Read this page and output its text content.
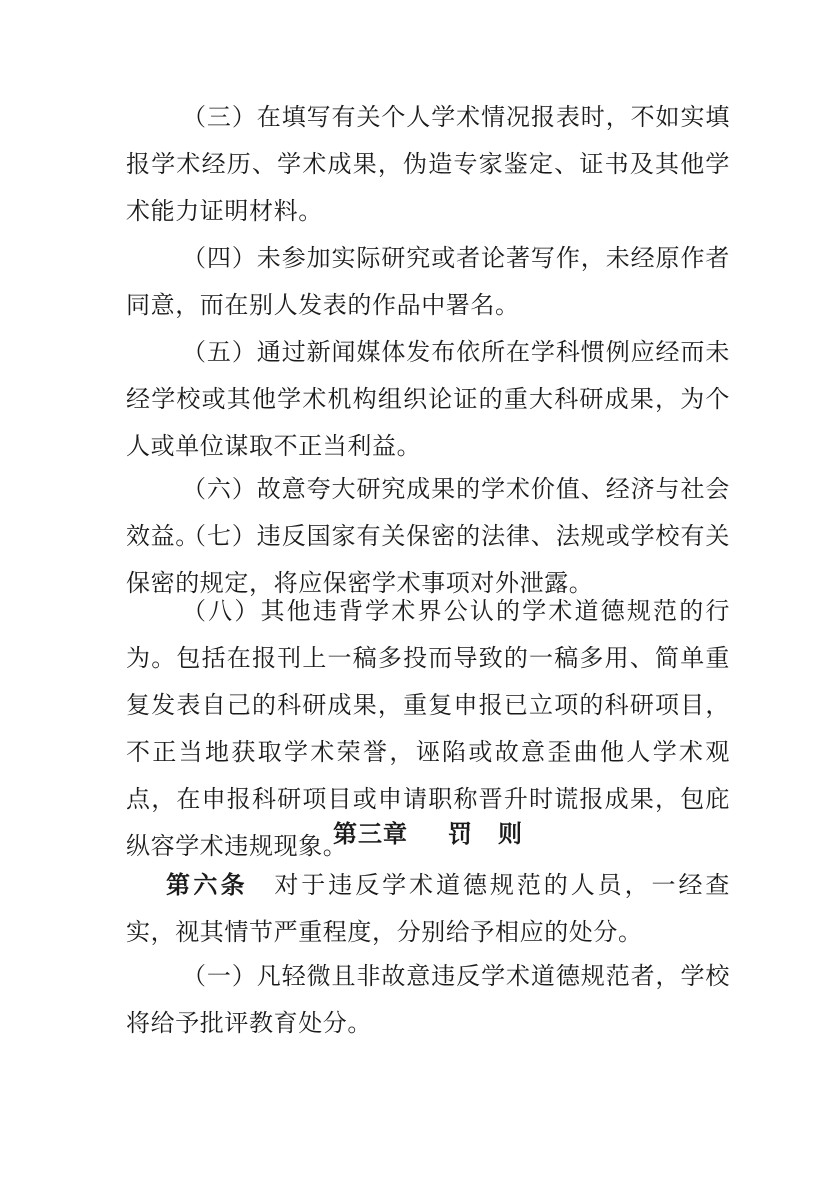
（三）在填写有关个人学术情况报表时，不如实填报学术经历、学术成果，伪造专家鉴定、证书及其他学术能力证明材料。

（四）未参加实际研究或者论著写作，未经原作者同意，而在别人发表的作品中署名。

（五）通过新闻媒体发布依所在学科惯例应经而未经学校或其他学术机构组织论证的重大科研成果，为个人或单位谋取不正当利益。

（六）故意夸大研究成果的学术价值、经济与社会效益。

（七）违反国家有关保密的法律、法规或学校有关保密的规定，将应保密学术事项对外泄露。

（八）其他违背学术界公认的学术道德规范的行为。包括在报刊上一稿多投而导致的一稿多用、简单重复发表自己的科研成果，重复申报已立项的科研项目，不正当地获取学术荣誉，诬陷或故意歪曲他人学术观点，在申报科研项目或申请职称晋升时谎报成果，包庇纵容学术违规现象。

第三章 罚　则

第六条 对于违反学术道德规范的人员，一经查实，视其情节严重程度，分别给予相应的处分。

（一）凡轻微且非故意违反学术道德规范者，学校将给予批评教育处分。
